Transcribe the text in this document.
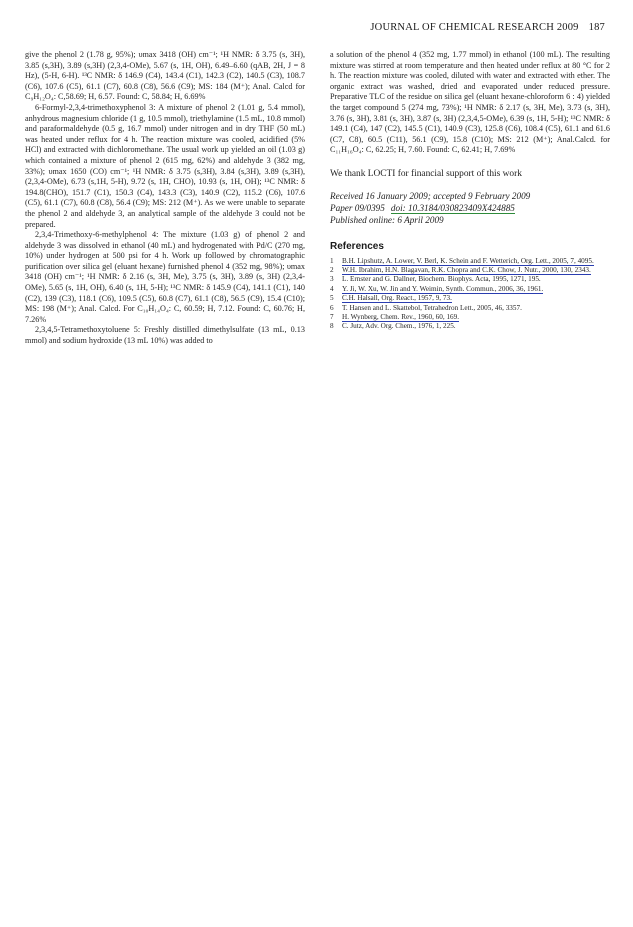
JOURNAL OF CHEMICAL RESEARCH 2009 187

give the phenol 2 (1.78 g, 95%); υmax 3418 (OH) cm⁻¹; ¹H NMR: δ 3.75 (s, 3H), 3.85 (s,3H), 3.89 (s,3H) (2,3,4-OMe), 5.67 (s, 1H, OH), 6.49–6.60 (qAB, 2H, J = 8 Hz), (5-H, 6-H). ¹³C NMR: δ 146.9 (C4), 143.4 (C1), 142.3 (C2), 140.5 (C3), 108.7 (C6), 107.6 (C5), 61.1 (C7), 60.8 (C8), 56.6 (C9); MS: 184 (M⁺); Anal. Calcd for C₉H₁₂O₄: C,58.69; H, 6.57. Found: C, 58.84; H, 6.69%

6-Formyl-2,3,4-trimethoxyphenol 3: A mixture of phenol 2 (1.01 g, 5.4 mmol), anhydrous magnesium chloride (1 g, 10.5 mmol), triethylamine (1.5 mL, 10.8 mmol) and paraformaldehyde (0.5 g, 16.7 mmol) under nitrogen and in dry THF (50 mL) was heated under reflux for 4 h. The reaction mixture was cooled, acidified (5% HCl) and extracted with dichloromethane. The usual work up yielded an oil (1.03 g) which contained a mixture of phenol 2 (615 mg, 62%) and aldehyde 3 (382 mg, 33%); υmax 1650 (CO) cm⁻¹; ¹H NMR: δ 3.75 (s,3H), 3.84 (s,3H), 3.89 (s,3H), (2,3,4-OMe), 6.73 (s,1H, 5-H), 9.72 (s, 1H, CHO), 10.93 (s, 1H, OH); ¹³C NMR: δ 194.8(CHO), 151.7 (C1), 150.3 (C4), 143.3 (C3), 140.9 (C2), 115.2 (C6), 107.6 (C5), 61.1 (C7), 60.8 (C8), 56.4 (C9); MS: 212 (M⁺). As we were unable to separate the phenol 2 and aldehyde 3, an analytical sample of the aldehyde 3 could not be prepared.

2,3,4-Trimethoxy-6-methylphenol 4: The mixture (1.03 g) of phenol 2 and aldehyde 3 was dissolved in ethanol (40 mL) and hydrogenated with Pd/C (270 mg, 10%) under hydrogen at 500 psi for 4 h. Work up followed by chromatographic purification over silica gel (eluant hexane) furnished phenol 4 (352 mg, 98%); υmax 3418 (OH) cm⁻¹; ¹H NMR: δ 2.16 (s, 3H, Me), 3.75 (s, 3H), 3.89 (s, 3H) (2,3,4-OMe), 5.65 (s, 1H, OH), 6.40 (s, 1H, 5-H); ¹³C NMR: δ 145.9 (C4), 141.1 (C1), 140 (C2), 139 (C3), 118.1 (C6), 109.5 (C5), 60.8 (C7), 61.1 (C8), 56.5 (C9), 15.4 (C10); MS: 198 (M⁺); Anal. Calcd. For C₁₀H₁₄O₄: C, 60.59; H, 7.12. Found: C, 60.76; H, 7.26%

2,3,4,5-Tetramethoxytoluene 5: Freshly distilled dimethylsulfate (13 mL, 0.13 mmol) and sodium hydroxide (13 mL 10%) was added to

a solution of the phenol 4 (352 mg, 1.77 mmol) in ethanol (100 mL). The resulting mixture was stirred at room temperature and then heated under reflux at 80 °C for 2 h. The reaction mixture was cooled, diluted with water and extracted with ether. The organic extract was washed, dried and evaporated under reduced pressure. Preparative TLC of the residue on silica gel (eluant hexane-chloroform 6 : 4) yielded the target compound 5 (274 mg, 73%); ¹H NMR: δ 2.17 (s, 3H, Me), 3.73 (s, 3H), 3.76 (s, 3H), 3.81 (s, 3H), 3.87 (s, 3H) (2,3,4,5-OMe), 6.39 (s, 1H, 5-H); ¹³C NMR: δ 149.1 (C4), 147 (C2), 145.5 (C1), 140.9 (C3), 125.8 (C6), 108.4 (C5), 61.1 and 61.6 (C7, C8), 60.5 (C11), 56.1 (C9), 15.8 (C10); MS: 212 (M⁺); Anal.Calcd. for C₁₁H₁₆O₄: C, 62.25; H, 7.60. Found: C, 62.41; H, 7.69%

We thank LOCTI for financial support of this work
Received 16 January 2009; accepted 9 February 2009
Paper 09/0395 doi: 10.3184/030823409X424885
Published online: 6 April 2009
References
1 B.H. Lipshutz, A. Lower, V. Berl, K. Schein and F. Wetterich, Org. Lett., 2005, 7, 4095.
2 W.H. Ibrahim, H.N. Blagavan, R.K. Chopra and C.K. Chow, J. Nutr., 2000, 130, 2343.
3 L. Ernster and G. Dallner, Biochem. Biophys. Acta, 1995, 1271, 195.
4 Y. Ji, W. Xu, W. Jin and Y. Weimin, Synth. Commun., 2006, 36, 1961.
5 C.H. Halsall, Org. React., 1957, 9, 73.
6 T. Hansen and L. Skattebol, Tetrahedron Lett., 2005, 46, 3357.
7 H. Wynberg, Chem. Rev., 1960, 60, 169.
8 C. Jutz, Adv. Org. Chem., 1976, 1, 225.
